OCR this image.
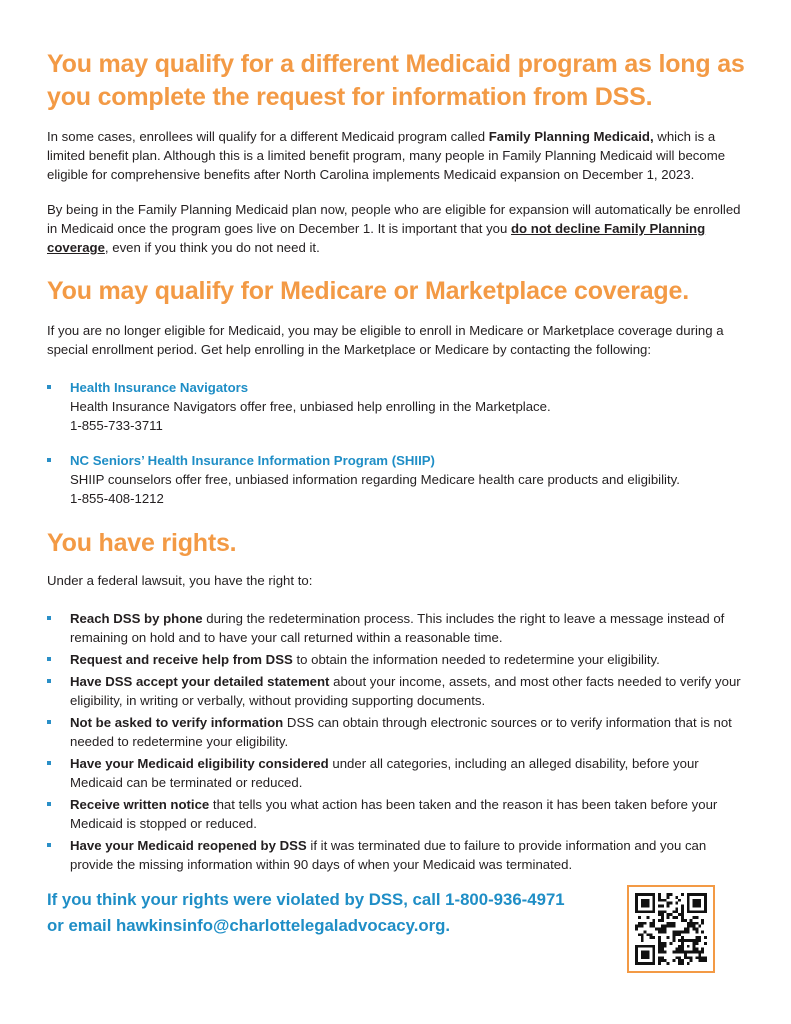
You may qualify for a different Medicaid program as long as you complete the request for information from DSS.

In some cases, enrollees will qualify for a different Medicaid program called Family Planning Medicaid, which is a limited benefit plan. Although this is a limited benefit program, many people in Family Planning Medicaid will become eligible for comprehensive benefits after North Carolina implements Medicaid expansion on December 1, 2023.

By being in the Family Planning Medicaid plan now, people who are eligible for expansion will automatically be enrolled in Medicaid once the program goes live on December 1. It is important that you do not decline Family Planning coverage, even if you think you do not need it.

You may qualify for Medicare or Marketplace coverage.

If you are no longer eligible for Medicaid, you may be eligible to enroll in Medicare or Marketplace coverage during a special enrollment period. Get help enrolling in the Marketplace or Medicare by contacting the following:

Health Insurance Navigators
Health Insurance Navigators offer free, unbiased help enrolling in the Marketplace.
1-855-733-3711
NC Seniors’ Health Insurance Information Program (SHIIP)
SHIIP counselors offer free, unbiased information regarding Medicare health care products and eligibility.
1-855-408-1212
You have rights.

Under a federal lawsuit, you have the right to:

Reach DSS by phone during the redetermination process. This includes the right to leave a message instead of remaining on hold and to have your call returned within a reasonable time.
Request and receive help from DSS to obtain the information needed to redetermine your eligibility.
Have DSS accept your detailed statement about your income, assets, and most other facts needed to verify your eligibility, in writing or verbally, without providing supporting documents.
Not be asked to verify information DSS can obtain through electronic sources or to verify information that is not needed to redetermine your eligibility.
Have your Medicaid eligibility considered under all categories, including an alleged disability, before your Medicaid can be terminated or reduced.
Receive written notice that tells you what action has been taken and the reason it has been taken before your Medicaid is stopped or reduced.
Have your Medicaid reopened by DSS if it was terminated due to failure to provide information and you can provide the missing information within 90 days of when your Medicaid was terminated.
If you think your rights were violated by DSS, call 1-800-936-4971
or email hawkinsinfo@charlottelegaladvocacy.org.
